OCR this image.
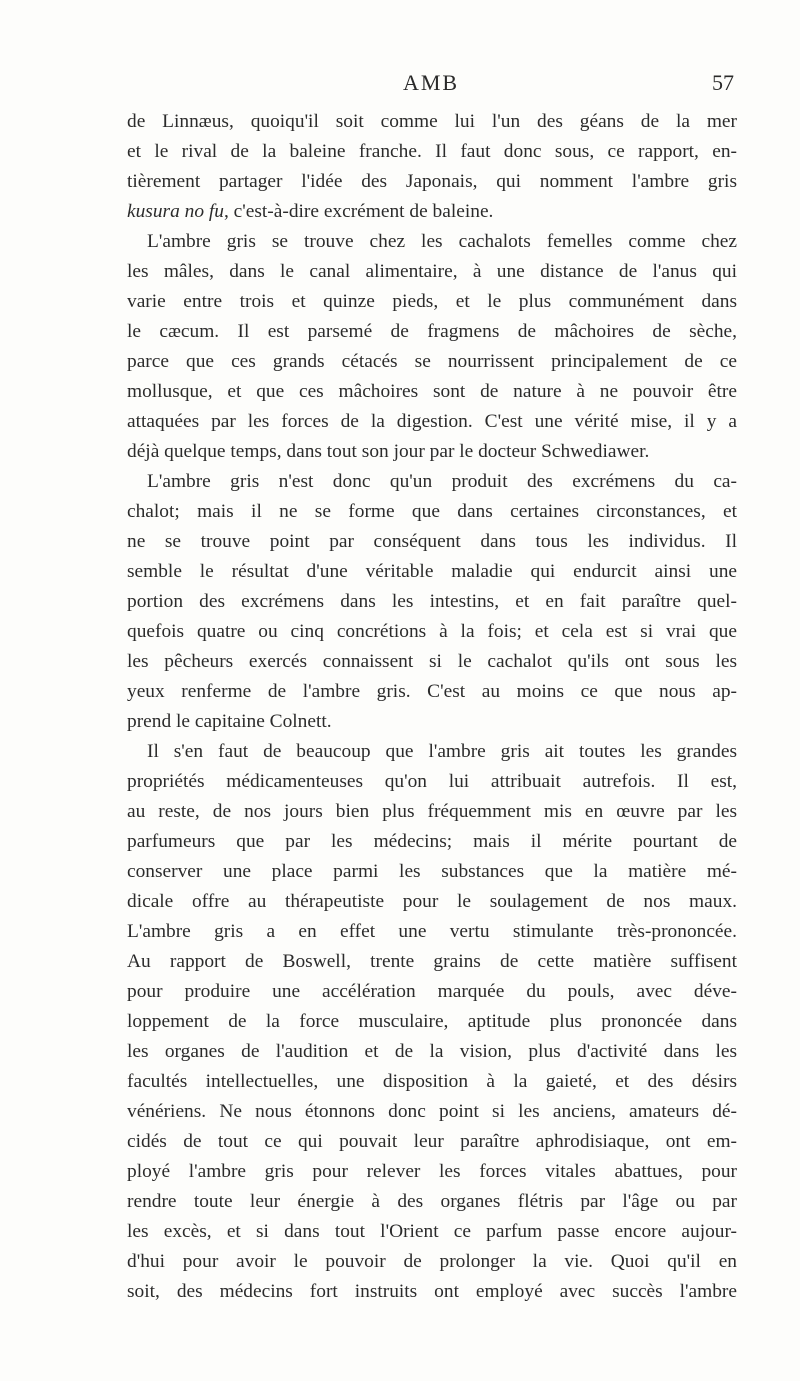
AMB	57
de Linnæus, quoiqu'il soit comme lui l'un des géans de la mer
et le rival de la baleine franche. Il faut donc sous, ce rapport, en-
tièrement partager l'idée des Japonais, qui nomment l'ambre gris
kusura no fu, c'est-à-dire excrément de baleine.
L'ambre gris se trouve chez les cachalots femelles comme chez
les mâles, dans le canal alimentaire, à une distance de l'anus qui
varie entre trois et quinze pieds, et le plus communément dans
le cæcum. Il est parsemé de fragmens de mâchoires de sèche,
parce que ces grands cétacés se nourrissent principalement de ce
mollusque, et que ces mâchoires sont de nature à ne pouvoir être
attaquées par les forces de la digestion. C'est une vérité mise, il y a
déjà quelque temps, dans tout son jour par le docteur Schwediawer.
L'ambre gris n'est donc qu'un produit des excrémens du ca-
chalot; mais il ne se forme que dans certaines circonstances, et
ne se trouve point par conséquent dans tous les individus. Il
semble le résultat d'une véritable maladie qui endurcit ainsi une
portion des excrémens dans les intestins, et en fait paraître quel-
quefois quatre ou cinq concrétions à la fois; et cela est si vrai que
les pêcheurs exercés connaissent si le cachalot qu'ils ont sous les
yeux renferme de l'ambre gris. C'est au moins ce que nous ap-
prend le capitaine Colnett.
Il s'en faut de beaucoup que l'ambre gris ait toutes les grandes
propriétés médicamenteuses qu'on lui attribuait autrefois. Il est,
au reste, de nos jours bien plus fréquemment mis en œuvre par les
parfumeurs que par les médecins; mais il mérite pourtant de
conserver une place parmi les substances que la matière mé-
dicale offre au thérapeutiste pour le soulagement de nos maux.
L'ambre gris a en effet une vertu stimulante très-prononcée.
Au rapport de Boswell, trente grains de cette matière suffisent
pour produire une accélération marquée du pouls, avec déve-
loppement de la force musculaire, aptitude plus prononcée dans
les organes de l'audition et de la vision, plus d'activité dans les
facultés intellectuelles, une disposition à la gaieté, et des désirs
vénériens. Ne nous étonnons donc point si les anciens, amateurs dé-
cidés de tout ce qui pouvait leur paraître aphrodisiaque, ont em-
ployé l'ambre gris pour relever les forces vitales abattues, pour
rendre toute leur énergie à des organes flétris par l'âge ou par
les excès, et si dans tout l'Orient ce parfum passe encore aujour-
d'hui pour avoir le pouvoir de prolonger la vie. Quoi qu'il en
soit, des médecins fort instruits ont employé avec succès l'ambre
